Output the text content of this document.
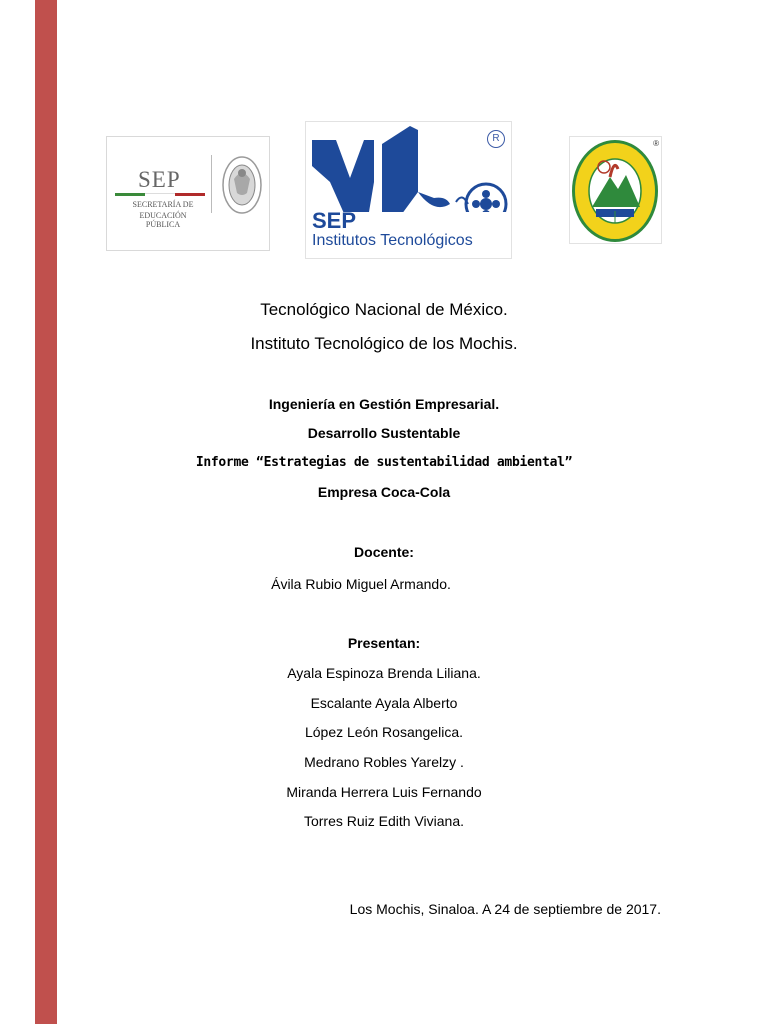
SEP
SECRETARÍA DE
EDUCACIÓN PÚBLICA
R
SEP
Institutos Tecnológicos
®
Tecnológico Nacional de México.
Instituto Tecnológico de los Mochis.
Ingeniería en Gestión Empresarial.
Desarrollo Sustentable
Informe “Estrategias de sustentabilidad ambiental”
Empresa Coca-Cola
Docente:
Ávila Rubio Miguel Armando.
Presentan:
Ayala Espinoza Brenda Liliana.
Escalante Ayala Alberto
López León Rosangelica.
Medrano Robles Yarelzy .
Miranda Herrera Luis Fernando
Torres Ruiz Edith Viviana.
Los Mochis, Sinaloa. A 24 de septiembre de 2017.
